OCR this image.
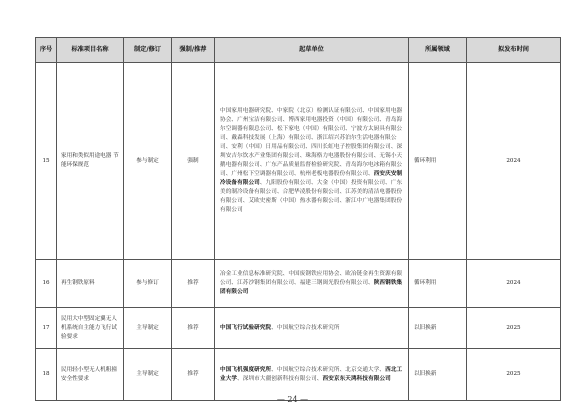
序号	标准项目名称	制定/修订	强制/推荐	起草单位	所属领域	拟发布时间
15	家用和类似用途电器 节能环保规范	参与制定	强制	中国家用电器研究院、中家院（北京）检测认证有限公司、中国家用电器协会、广州宝洁有限公司、博西家用电器投资（中国）有限公司、青岛海尔空调器有限总公司、松下家电（中国）有限公司、宁波方太厨具有限公司、戴森科技发展（上海）有限公司、浙江绍兴苏泊尔生活电器有限公司、安利（中国）日用品有限公司、四川长虹电子控股集团有限公司、深圳安吉尔饮水产业集团有限公司、珠海格力电器股份有限公司、无锡小天鹅电器有限公司、广东产品质量监督检验研究院、青岛海尔电冰箱有限公司、广州松下空调器有限公司、杭州老板电器股份有限公司、西安庆安制冷设备有限公司、九阳股份有限公司、大金（中国）投资有限公司、广东美的制冷设备有限公司、合肥华凌股份有限公司、江苏美的清洁电器股份有限公司、艾欧史密斯（中国）热水器有限公司、浙江中广电器集团股份有限公司	循环利用	2024
16	再生钢铁原料	参与修订	推荐	冶金工业信息标准研究院、中国废钢铁应用协会、欧冶链金再生资源有限公司、江苏沙钢集团有限公司、福建三钢闽光股份有限公司、陕西钢铁集团有限公司	循环利用	2024
17	民用大中型固定翼无人机系统自主能力飞行试验要求	主导制定	推荐	中国飞行试验研究院、中国航空综合技术研究所	以旧换新	2025
18	民用轻小型无人机粗撞安全性要求	主导制定	推荐	中国飞机强度研究所、中国航空综合技术研究所、北京交通大学、西北工业大学、深圳市大疆创新科技有限公司、西安京东天鸿科技有限公司	以旧换新	2025
— 24 —
